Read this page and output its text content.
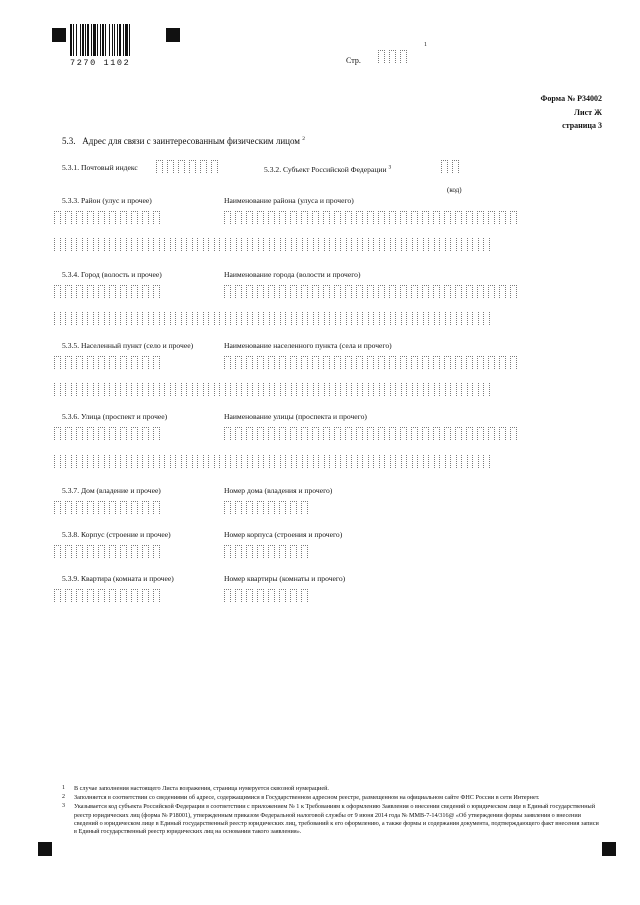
7270 1102	Стр.
1
Форма № Р34002
Лист Ж
страница 3
5.3. Адрес для связи с заинтересованным физическим лицом $^2$
5.3.1. Почтовый индекс	5.3.2. Субъект Российской Федерации $^3$
(код)
5.3.3. Район (улус и прочее)	Наименование района (улуса и прочего)
5.3.4. Город (волость и прочее)	Наименование города (волости и прочего)
5.3.5. Населенный пункт (село и прочее)	Наименование населенного пункта (села и прочего)
5.3.6. Улица (проспект и прочее)	Наименование улицы (проспекта и прочего)
5.3.7. Дом (владение и прочее)	Номер дома (владения и прочего)
5.3.8. Корпус (строение и прочее)	Номер корпуса (строения и прочего)
5.3.9. Квартира (комната и прочее)	Номер квартиры (комнаты и прочего)
1 В случае заполнения настоящего Листа возражения, страница нумеруется сквозной нумерацией.
2 Заполняется в соответствии со сведениями об адресе, содержащимися в Государственном адресном реестре, размещенном на официальном сайте ФНС России в сети Интернет.
3 Указывается код субъекта Российской Федерации в соответствии с приложением № 1 к Требованиям к оформлению Заявления о внесении сведений о юридическом лице в Единый государственный реестр юридических лиц (форма № Р18001), утвержденным приказом Федеральной налоговой службы от 9 июня 2014 года № ММВ-7-14/316@ «Об утверждении формы заявления о внесении сведений о юридическом лице в Единый государственный реестр юридических лиц, требований к его оформлению, а также формы и содержания документа, подтверждающего факт внесения записи в Единый государственный реестр юридических лиц на основании такого заявления».
